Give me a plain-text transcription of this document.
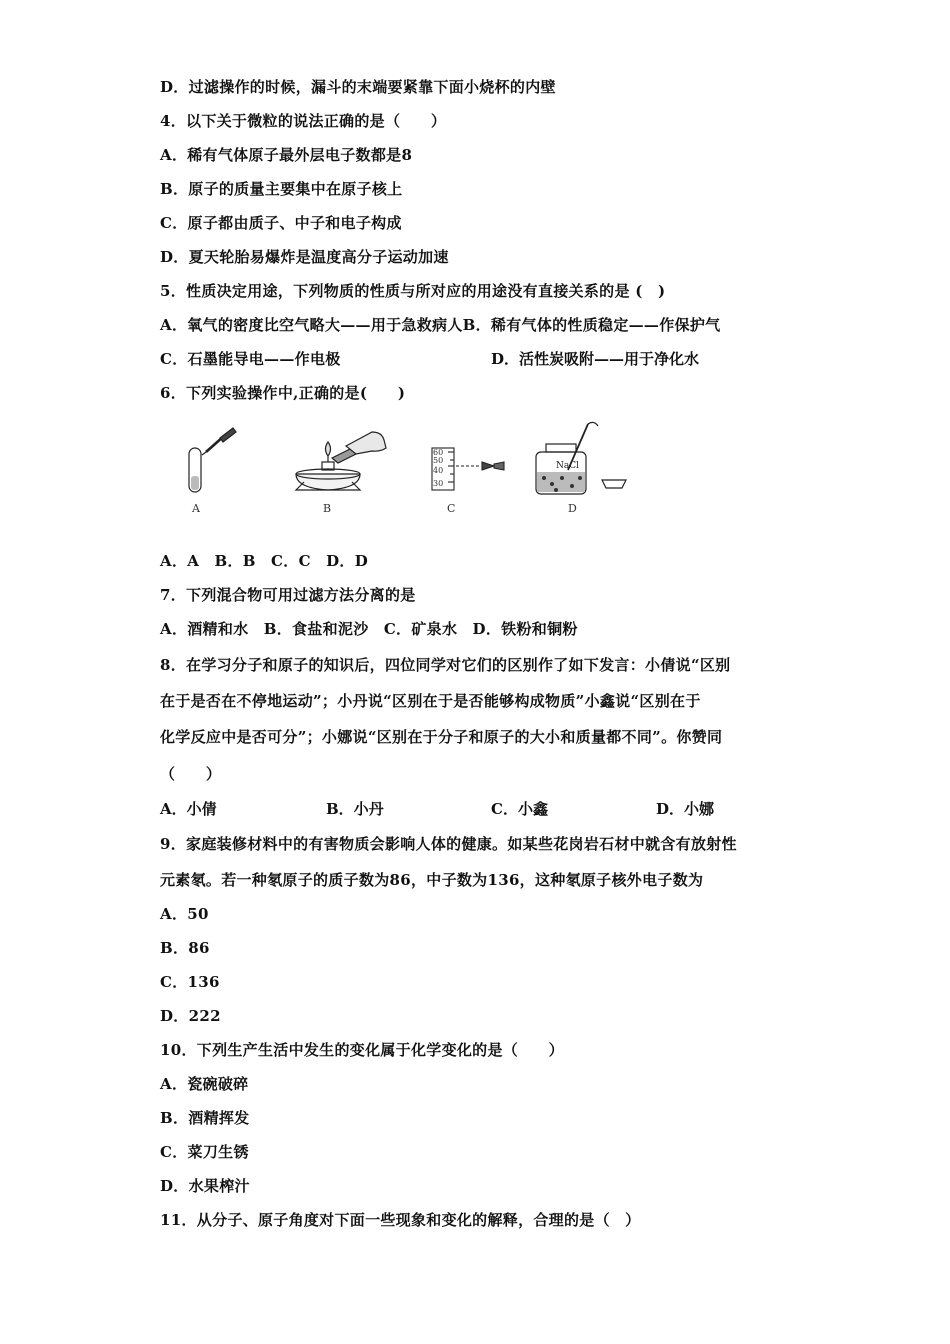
D．过滤操作的时候，漏斗的末端要紧靠下面小烧杯的内壁
4．以下关于微粒的说法正确的是（　　）
A．稀有气体原子最外层电子数都是8
B．原子的质量主要集中在原子核上
C．原子都由质子、中子和电子构成
D．夏天轮胎易爆炸是温度高分子运动加速
5．性质决定用途，下列物质的性质与所对应的用途没有直接关系的是 (　)
A．氧气的密度比空气略大——用于急救病人B．稀有气体的性质稳定——作保护气
C．石墨能导电——作电极	D．活性炭吸附——用于净化水
6．下列实验操作中,正确的是(　　)
A	B
60
50
40
30
C
NaCl
D
A．A　B．B　C．C　D．D
7．下列混合物可用过滤方法分离的是
A．酒精和水　B．食盐和泥沙　C．矿泉水　D．铁粉和铜粉
8．在学习分子和原子的知识后，四位同学对它们的区别作了如下发言：小倩说“区别
在于是否在不停地运动”；小丹说“区别在于是否能够构成物质”小鑫说“区别在于
化学反应中是否可分”；小娜说“区别在于分子和原子的大小和质量都不同”。你赞同
（　　）
A．小倩	B．小丹	C．小鑫	D．小娜
9．家庭装修材料中的有害物质会影响人体的健康。如某些花岗岩石材中就含有放射性
元素氡。若一种氡原子的质子数为86，中子数为136，这种氡原子核外电子数为
A．50
B．86
C．136
D．222
10．下列生产生活中发生的变化属于化学变化的是（　　）
A．瓷碗破碎
B．酒精挥发
C．菜刀生锈
D．水果榨汁
11．从分子、原子角度对下面一些现象和变化的解释，合理的是（　）
